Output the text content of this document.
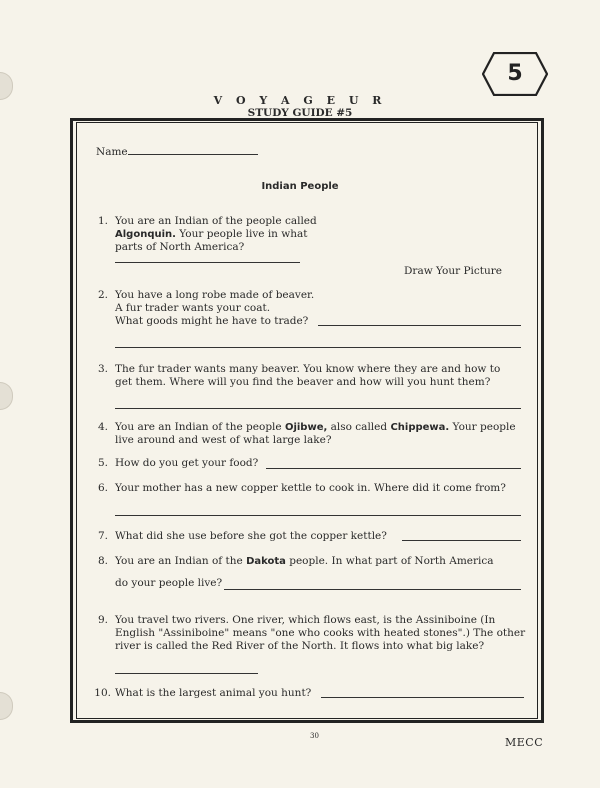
5
V O Y A G E U R
STUDY GUIDE #5
Name
Indian People
1. You are an Indian of the people called
Algonquin. Your people live in what
parts of North America?
Draw Your Picture
2. You have a long robe made of beaver.
A fur trader wants your coat.
What goods might he have to trade?
3. The fur trader wants many beaver. You know where they are and how to
get them. Where will you find the beaver and how will you hunt them?
4. You are an Indian of the people Ojibwe, also called Chippewa. Your people
live around and west of what large lake?
5. How do you get your food?
6. Your mother has a new copper kettle to cook in. Where did it come from?
7. What did she use before she got the copper kettle?
8. You are an Indian of the Dakota people. In what part of North America
do your people live?
9. You travel two rivers. One river, which flows east, is the Assiniboine (In
English "Assiniboine" means "one who cooks with heated stones".) The other
river is called the Red River of the North. It flows into what big lake?
10. What is the largest animal you hunt?
30	MECC
